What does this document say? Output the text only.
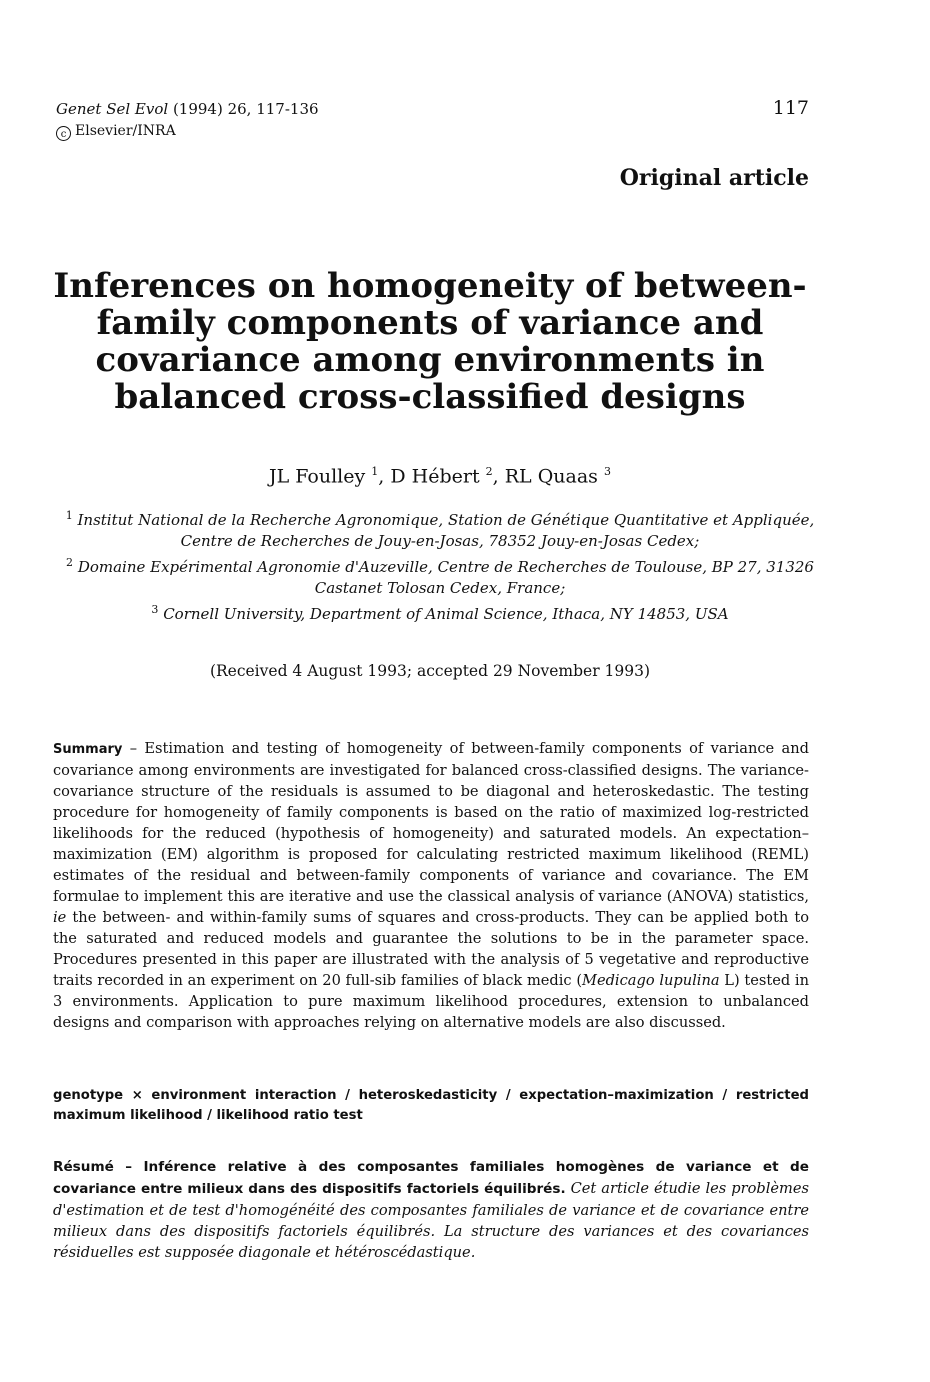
Genet Sel Evol (1994) 26, 117-136
c Elsevier/INRA
117
Original article
Inferences on homogeneity of between-family components of variance and covariance among environments in balanced cross-classified designs
JL Foulley $^1$, D Hébert $^2$, RL Quaas $^3$
$^1$ Institut National de la Recherche Agronomique, Station de Génétique Quantitative et Appliquée, Centre de Recherches de Jouy-en-Josas, 78352 Jouy-en-Josas Cedex;
$^2$ Domaine Expérimental Agronomie d'Auzeville, Centre de Recherches de Toulouse, BP 27, 31326 Castanet Tolosan Cedex, France;
$^3$ Cornell University, Department of Animal Science, Ithaca, NY 14853, USA
(Received 4 August 1993; accepted 29 November 1993)

Summary – Estimation and testing of homogeneity of between-family components of variance and covariance among environments are investigated for balanced cross-classified designs. The variance-covariance structure of the residuals is assumed to be diagonal and heteroskedastic. The testing procedure for homogeneity of family components is based on the ratio of maximized log-restricted likelihoods for the reduced (hypothesis of homogeneity) and saturated models. An expectation–maximization (EM) algorithm is proposed for calculating restricted maximum likelihood (REML) estimates of the residual and between-family components of variance and covariance. The EM formulae to implement this are iterative and use the classical analysis of variance (ANOVA) statistics, ie the between- and within-family sums of squares and cross-products. They can be applied both to the saturated and reduced models and guarantee the solutions to be in the parameter space. Procedures presented in this paper are illustrated with the analysis of 5 vegetative and reproductive traits recorded in an experiment on 20 full-sib families of black medic (Medicago lupulina L) tested in 3 environments. Application to pure maximum likelihood procedures, extension to unbalanced designs and comparison with approaches relying on alternative models are also discussed.

genotype × environment interaction / heteroskedasticity / expectation–maximization / restricted maximum likelihood / likelihood ratio test

Résumé – Inférence relative à des composantes familiales homogènes de variance et de covariance entre milieux dans des dispositifs factoriels équilibrés. Cet article étudie les problèmes d'estimation et de test d'homogénéité des composantes familiales de variance et de covariance entre milieux dans des dispositifs factoriels équilibrés. La structure des variances et des covariances résiduelles est supposée diagonale et hétéroscédastique.
